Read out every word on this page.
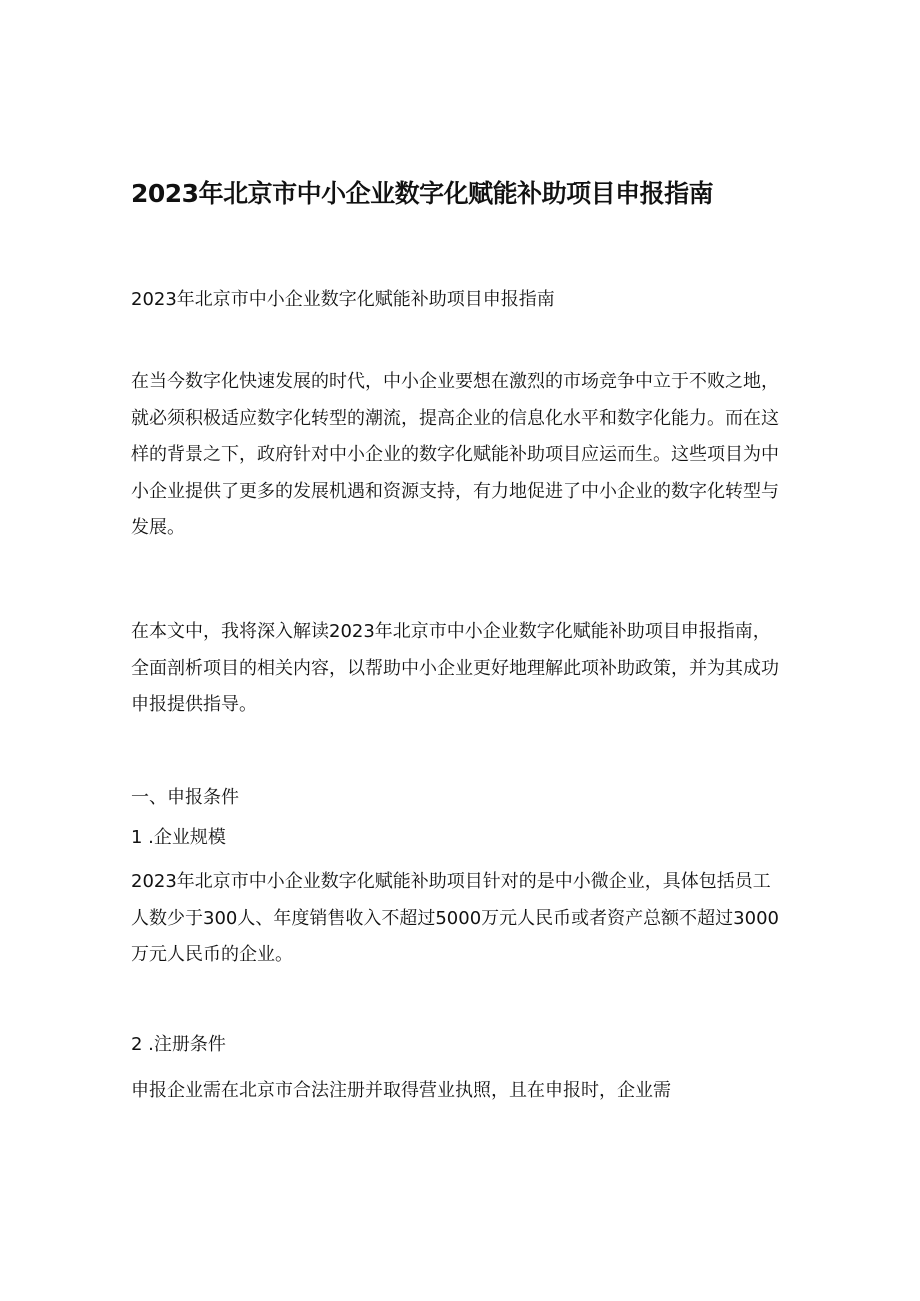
2023年北京市中小企业数字化赋能补助项目申报指南

2023年北京市中小企业数字化赋能补助项目申报指南

在当今数字化快速发展的时代，中小企业要想在激烈的市场竞争中立于不败之地，就必须积极适应数字化转型的潮流，提高企业的信息化水平和数字化能力。而在这样的背景之下，政府针对中小企业的数字化赋能补助项目应运而生。这些项目为中小企业提供了更多的发展机遇和资源支持，有力地促进了中小企业的数字化转型与发展。

在本文中，我将深入解读2023年北京市中小企业数字化赋能补助项目申报指南，全面剖析项目的相关内容，以帮助中小企业更好地理解此项补助政策，并为其成功申报提供指导。

一、申报条件
1 .企业规模

2023年北京市中小企业数字化赋能补助项目针对的是中小微企业，具体包括员工人数少于300人、年度销售收入不超过5000万元人民币或者资产总额不超过3000万元人民币的企业。

2 .注册条件

申报企业需在北京市合法注册并取得营业执照，且在申报时，企业需
